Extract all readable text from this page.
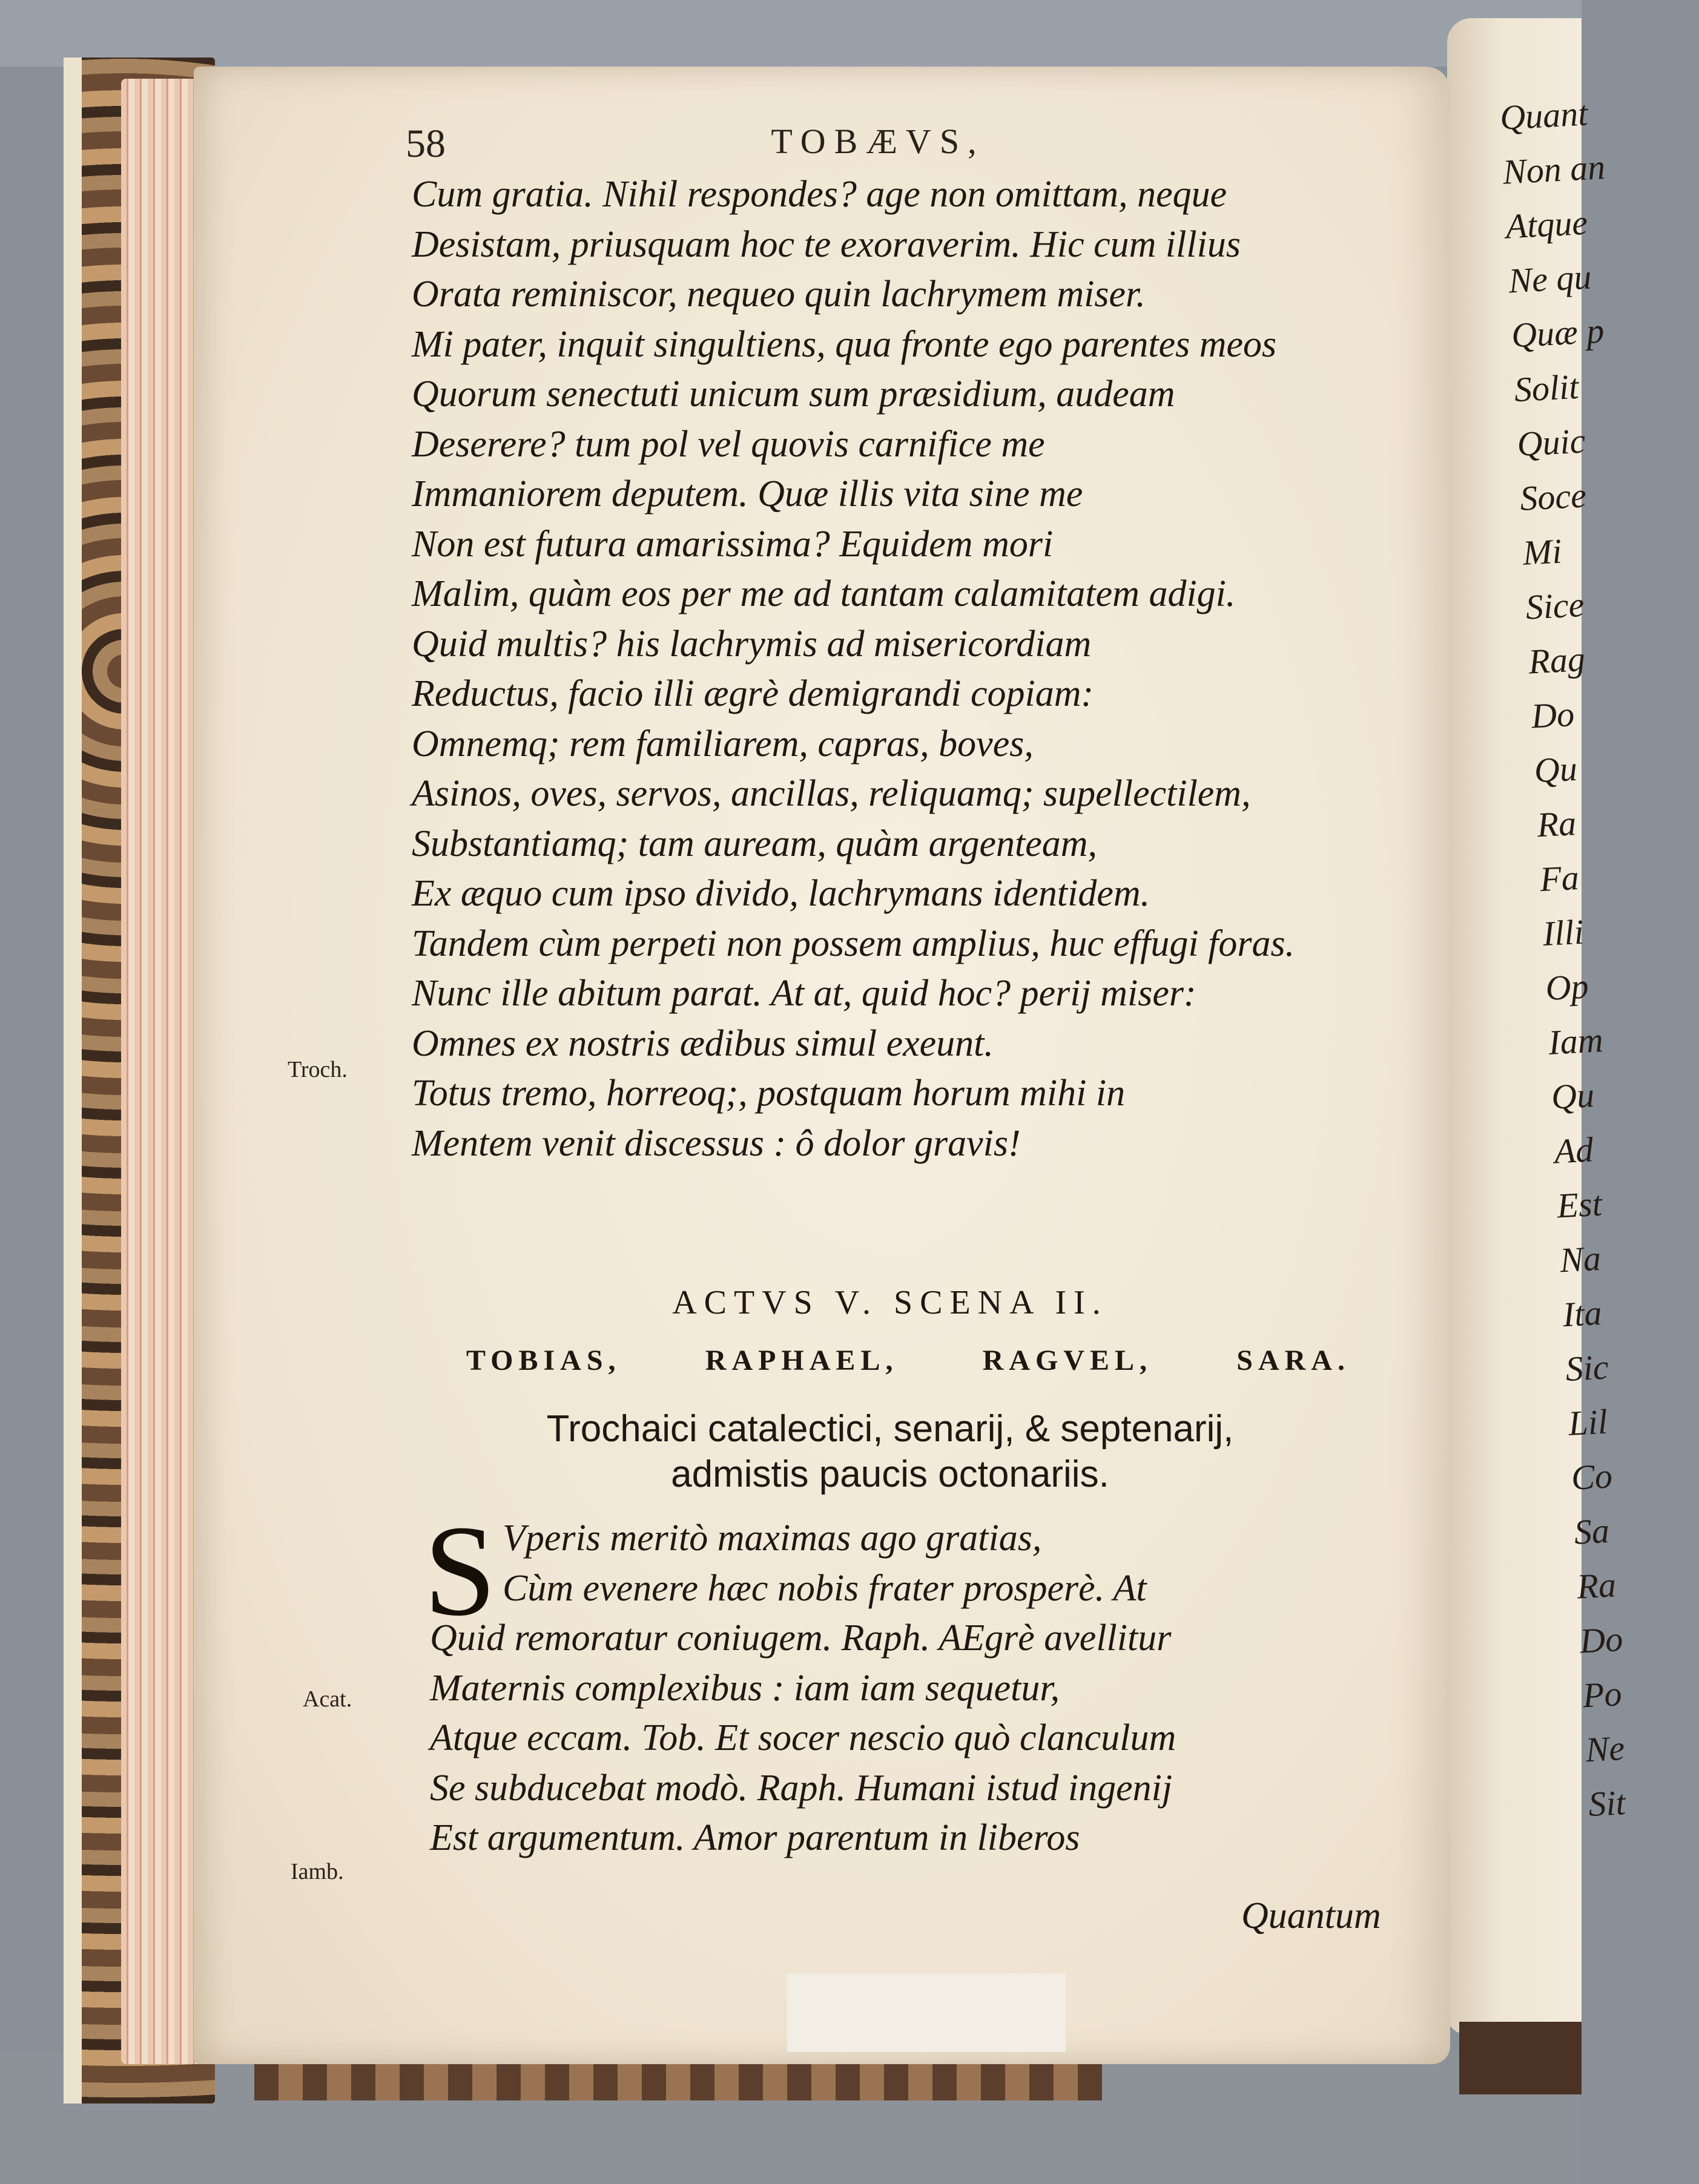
Quant
Non an
Atque
Ne qu
Quæ p
Solit
Quic
Soce
Mi
Sice
Rag
Do
Qu
Ra
Fa
Illi
Op
Iam
Qu
Ad
Est
Na
Ita
Sic
Lil
Co
Sa
Ra
Do
Po
Ne
Sit
58	TOBÆVS,
Cum gratia. Nihil respondes? age non omittam, neque
Desistam, priusquam hoc te exoraverim. Hic cum illius
Orata reminiscor, nequeo quin lachrymem miser.
Mi pater, inquit singultiens, qua fronte ego parentes meos
Quorum senectuti unicum sum præsidium, audeam
Deserere? tum pol vel quovis carnifice me
Immaniorem deputem. Quæ illis vita sine me
Non est futura amarissima? Equidem mori
Malim, quàm eos per me ad tantam calamitatem adigi.
Quid multis? his lachrymis ad misericordiam
Reductus, facio illi ægrè demigrandi copiam:
Omnemq; rem familiarem, capras, boves,
Asinos, oves, servos, ancillas, reliquamq; supellectilem,
Substantiamq; tam auream, quàm argenteam,
Ex æquo cum ipso divido, lachrymans identidem.
Tandem cùm perpeti non possem amplius, huc effugi foras.
Nunc ille abitum parat. At at, quid hoc? perij miser:
Omnes ex nostris ædibus simul exeunt.
Totus tremo, horreoq;, postquam horum mihi in
Mentem venit discessus : ô dolor gravis!
Troch.
Acat.
Iamb.
ACTVS V. SCENA II.
TOBIAS,	RAPHAEL,	RAGVEL,	SARA.
Trochaici catalectici, senarij, & septenarij,
admistis paucis octonariis.
S Vperis meritò maximas ago gratias,
Cùm evenere hæc nobis frater prosperè. At
Quid remoratur coniugem. Raph. AEgrè avellitur
Maternis complexibus : iam iam sequetur,
Atque eccam. Tob. Et socer nescio quò clanculum
Se subducebat modò. Raph. Humani istud ingenij
Est argumentum. Amor parentum in liberos
Quantum
